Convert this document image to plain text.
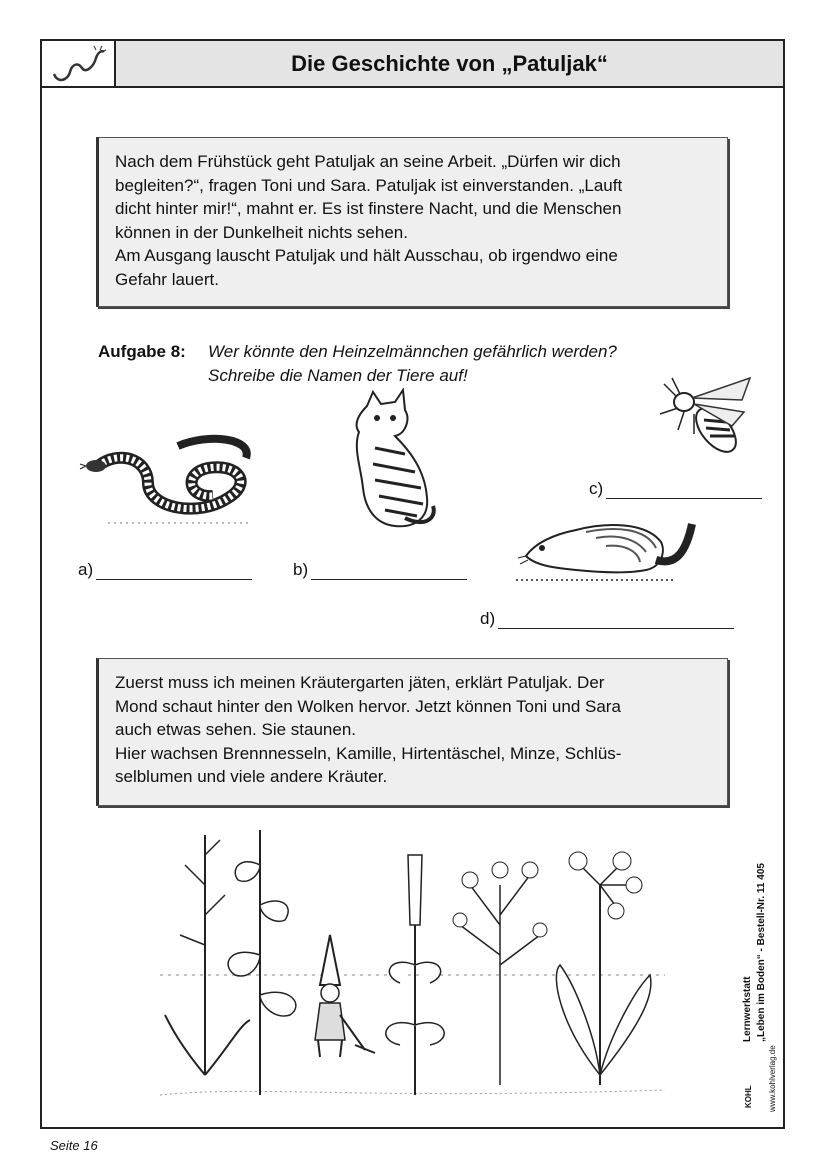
Die Geschichte von „Patuljak“
Nach dem Frühstück geht Patuljak an seine Arbeit. „Dürfen wir dich
begleiten?“, fragen Toni und Sara. Patuljak ist einverstanden. „Lauft
dicht hinter mir!“, mahnt er. Es ist finstere Nacht, und die Menschen
können in der Dunkelheit nichts sehen.
Am Ausgang lauscht Patuljak und hält Ausschau, ob irgendwo eine
Gefahr lauert.
Aufgabe 8: Wer könnte den Heinzelmännchen gefährlich werden?
Schreibe die Namen der Tiere auf!
a)	b)
c)
d)
Zuerst muss ich meinen Kräutergarten jäten, erklärt Patuljak. Der
Mond schaut hinter den Wolken hervor. Jetzt können Toni und Sara
auch etwas sehen. Sie staunen.
Hier wachsen Brennnesseln, Kamille, Hirtentäschel, Minze, Schlüs-
selblumen und viele andere Kräuter.
Lernwerkstatt „Leben im Boden“ - Bestell-Nr. 11 405
KOHL www.kohlverlag.de
Seite 16
